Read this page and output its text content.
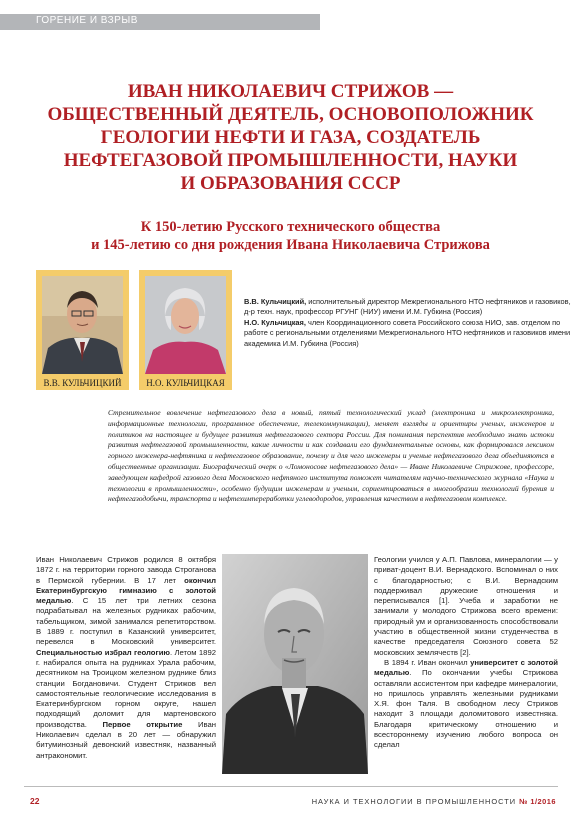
ГОРЕНИЕ И ВЗРЫВ
ИВАН НИКОЛАЕВИЧ СТРИЖОВ —
ОБЩЕСТВЕННЫЙ ДЕЯТЕЛЬ, ОСНОВОПОЛОЖНИК
ГЕОЛОГИИ НЕФТИ И ГАЗА, СОЗДАТЕЛЬ
НЕФТЕГАЗОВОЙ ПРОМЫШЛЕННОСТИ, НАУКИ
И ОБРАЗОВАНИЯ СССР
К 150-летию Русского технического общества
и 145-летию со дня рождения Ивана Николаевича Стрижова
В.В. КУЛЬЧИЦКИЙ	Н.О. КУЛЬЧИЦКАЯ

В.В. Кульчицкий, исполнительный директор Межрегионального НТО нефтяников и газовиков, д-р техн. наук, профессор РГУНГ (НИУ) имени И.М. Губкина (Россия)

Н.О. Кульчицкая, член Координационного совета Российского союза НИО, зав. отделом по работе с региональными отделениями Межрегионального НТО нефтяников и газовиков имени академика И.М. Губкина (Россия)

Стремительное вовлечение нефтегазового дела в новый, пятый технологический уклад (электроника и микроэлектроника, информационные технологии, программное обеспечение, телекоммуникации), меняет взгляды и ориентиры ученых, инженеров и политиков на настоящее и будущее развития нефтегазового сектора России. Для понимания перспектив необходимо знать истоки развития нефтегазовой промышленности, какие личности и как создавали его фундаментальные основы, как формировался лексикон горного инженера-нефтяника и нефтегазовое образование, почему и для чего инженеры и ученые нефтегазового дела объединяются в общественные организации. Биографический очерк о «Ломоносове нефтегазового дела» — Иване Николаевиче Стрижове, профессоре, заведующем кафедрой газового дела Московского нефтяного института поможет читателям научно-технического журнала «Наука и технологии в промышленности», особенно будущим инженерам и ученым, сориентироваться в многообразии технологий бурения и нефтегазодобычи, транспорта и нефтехимпереработки углеводородов, управления качеством в нефтегазовом комплексе.

Иван Николаевич Стрижов родился 8 октября 1872 г. на территории горного завода Строганова в Пермской губернии. В 17 лет окончил Екатеринбургскую гимназию с золотой медалью. С 15 лет три летних сезона подрабатывал на железных рудниках рабочим, табельщиком, зимой занимался репетиторством. В 1889 г. поступил в Казанский университет, перевелся в Московский университет. Специальностью избрал геологию. Летом 1892 г. набирался опыта на рудниках Урала рабочим, десятником на Троицком железном руднике близ станции Богдановичи. Студент Стрижов вел самостоятельные геологические исследования в Екатеринбургском горном округе, нашел подходящий доломит для мартеновского производства. Первое открытие Иван Николаевич сделал в 20 лет — обнаружил битуминозный девонский известняк, названный антракономит.

Геологии учился у А.П. Павлова, минералогии — у приват-доцент В.И. Вернадского. Вспоминал о них с благодарностью; с В.И. Вернадским поддерживал дружеские отношения и переписывался [1]. Учеба и заработки не занимали у молодого Стрижова всего времени: природный ум и организованность способствовали участию в общественной жизни студенчества в качестве председателя Союзного совета 52 московских землячеств [2].

В 1894 г. Иван окончил университет с золотой медалью. По окончании учебы Стрижова оставляли ассистентом при кафедре минералогии, но пришлось управлять железными рудниками Х.Я. фон Таля. В свободном лесу Стрижов находит 3 площади доломитового известняка. Благодаря критическому отношению и всестороннему изучению любого вопроса он сделал

22	НАУКА И ТЕХНОЛОГИИ В ПРОМЫШЛЕННОСТИ № 1/2016
